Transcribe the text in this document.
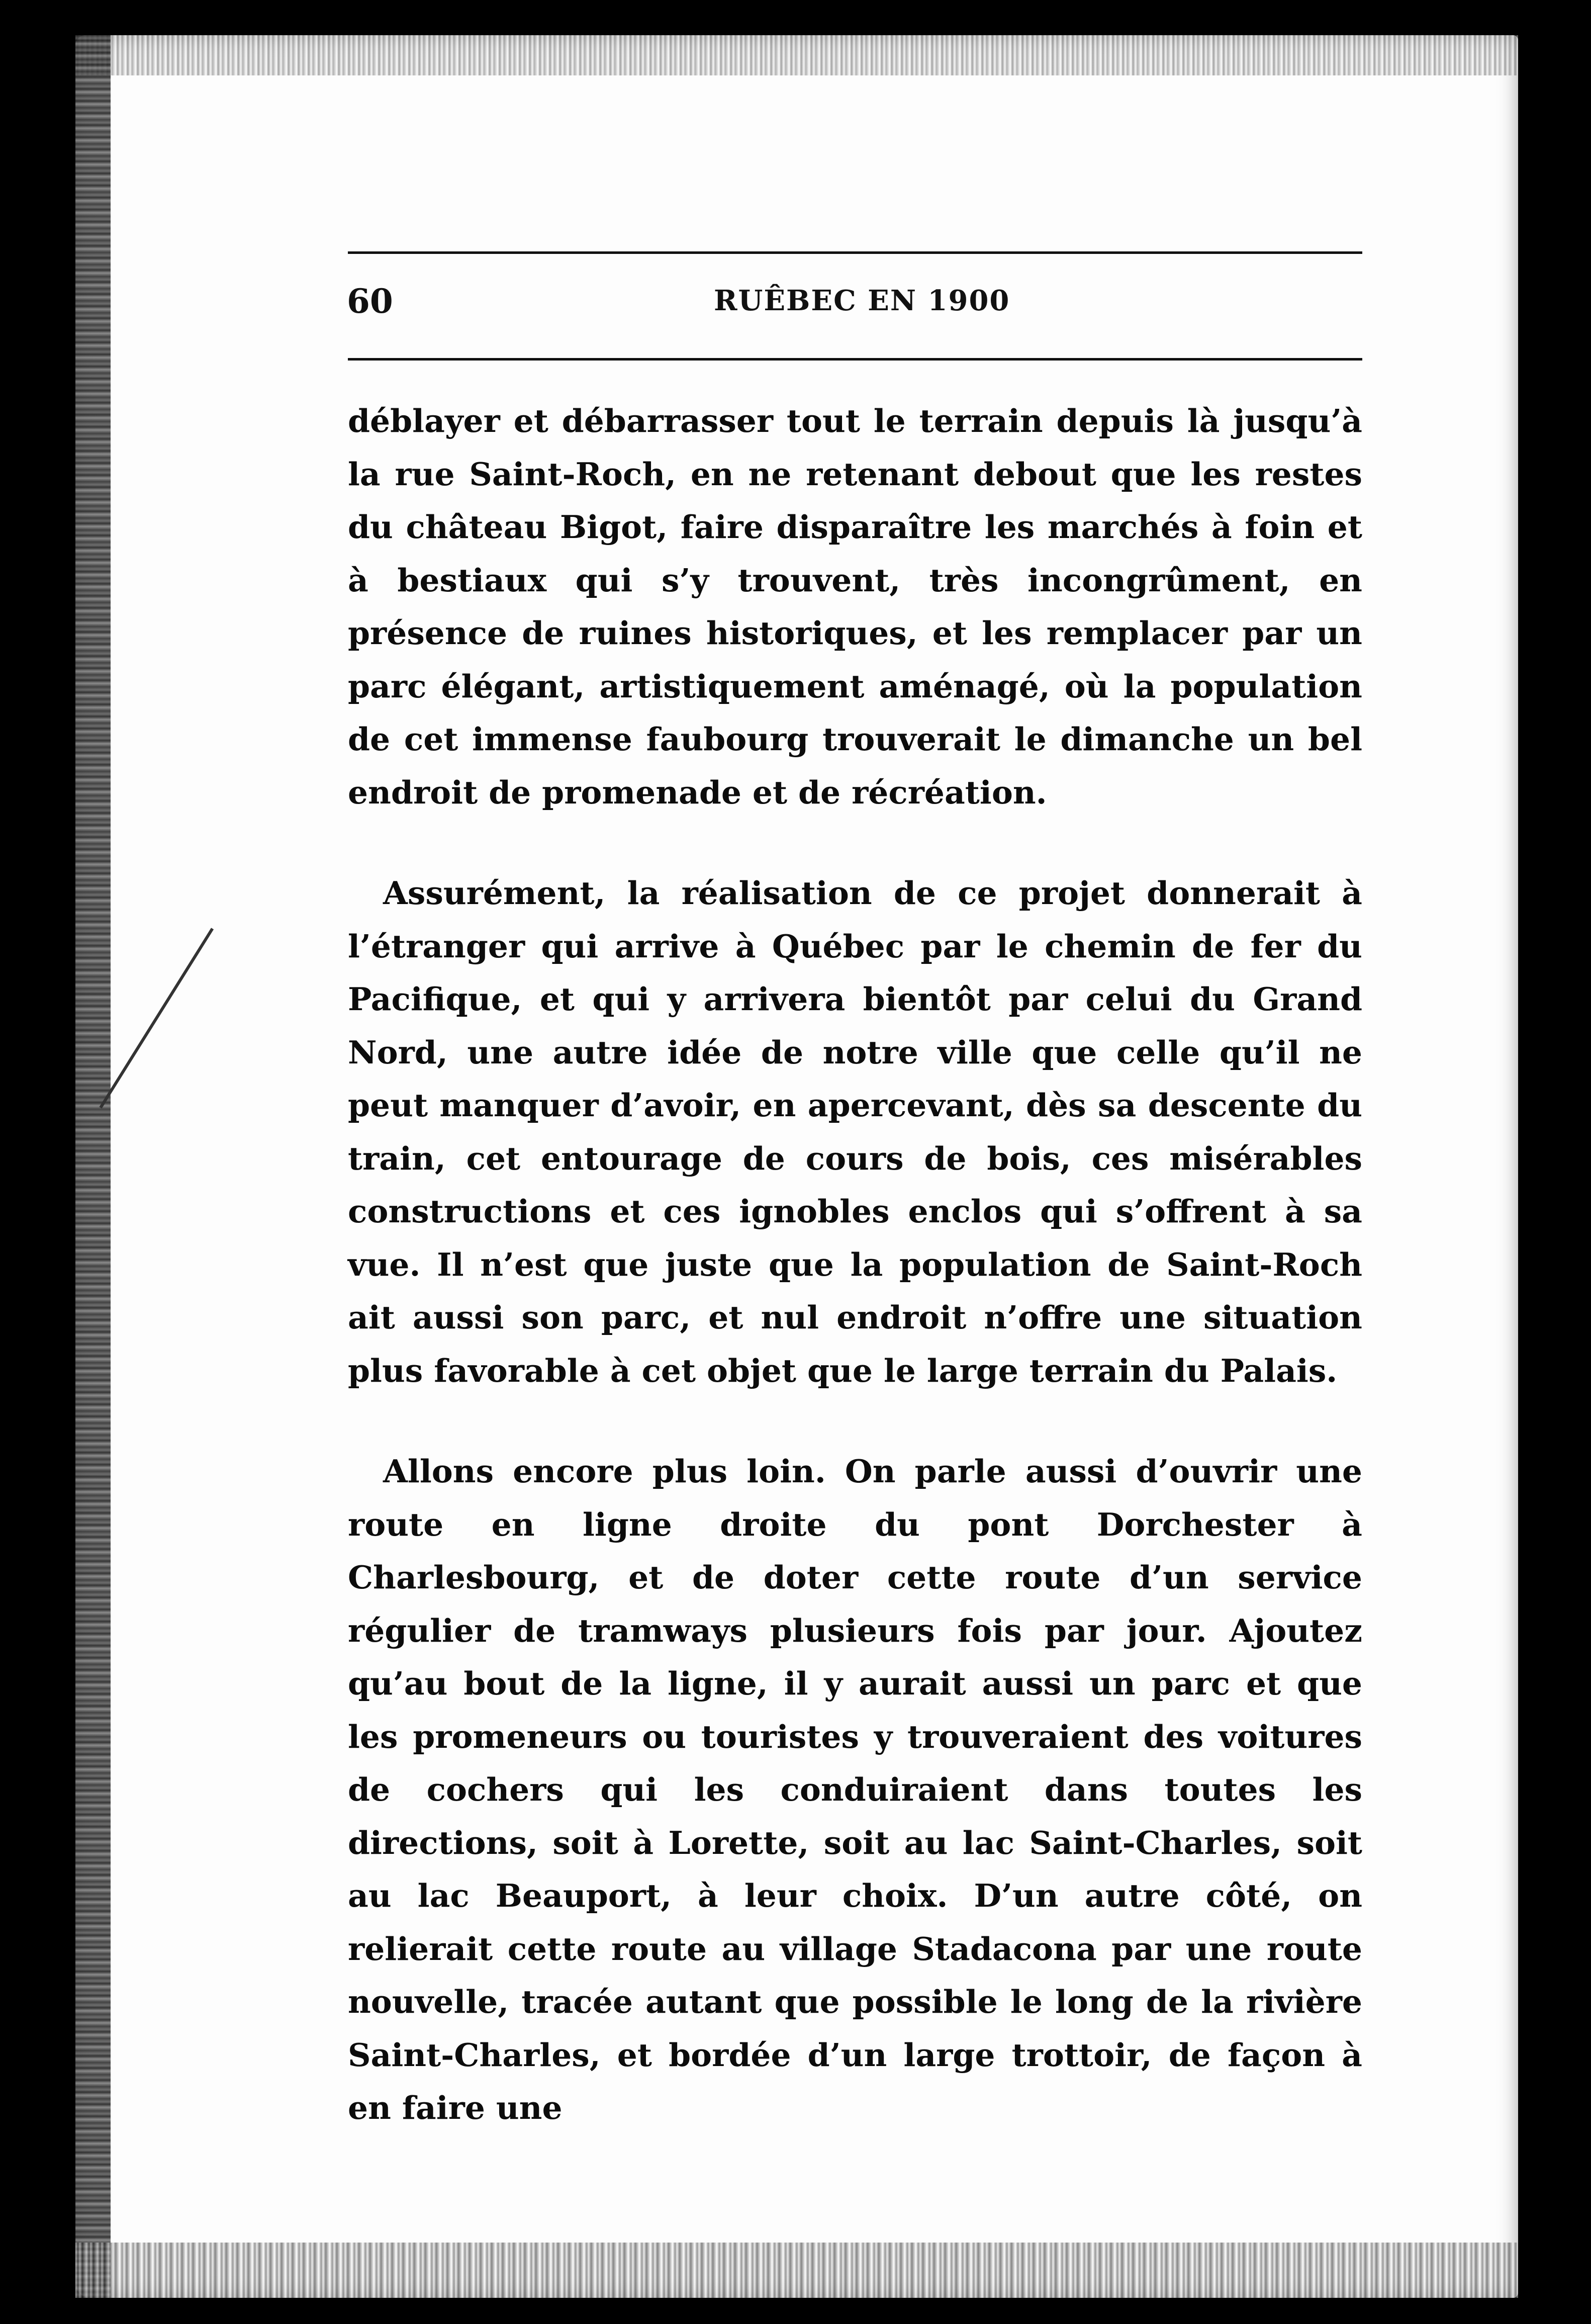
60	RUÊBEC EN 1900

déblayer et débarrasser tout le terrain depuis là jusqu’à la rue Saint-Roch, en ne retenant debout que les restes du château Bigot, faire disparaître les marchés à foin et à bestiaux qui s’y trouvent, très incongrûment, en présence de ruines historiques, et les remplacer par un parc élégant, artistiquement aménagé, où la population de cet immense faubourg trouverait le dimanche un bel endroit de promenade et de récréation.

Assurément, la réalisation de ce projet donnerait à l’étranger qui arrive à Québec par le chemin de fer du Pacifique, et qui y arrivera bientôt par celui du Grand Nord, une autre idée de notre ville que celle qu’il ne peut manquer d’avoir, en apercevant, dès sa descente du train, cet entourage de cours de bois, ces misérables constructions et ces ignobles enclos qui s’offrent à sa vue. Il n’est que juste que la population de Saint-Roch ait aussi son parc, et nul endroit n’offre une situation plus favorable à cet objet que le large terrain du Palais.

Allons encore plus loin. On parle aussi d’ouvrir une route en ligne droite du pont Dorchester à Charlesbourg, et de doter cette route d’un service régulier de tramways plusieurs fois par jour. Ajoutez qu’au bout de la ligne, il y aurait aussi un parc et que les promeneurs ou touristes y trouveraient des voitures de cochers qui les conduiraient dans toutes les directions, soit à Lorette, soit au lac Saint-Charles, soit au lac Beauport, à leur choix. D’un autre côté, on relierait cette route au village Stadacona par une route nouvelle, tracée autant que possible le long de la rivière Saint-Charles, et bordée d’un large trottoir, de façon à en faire une
